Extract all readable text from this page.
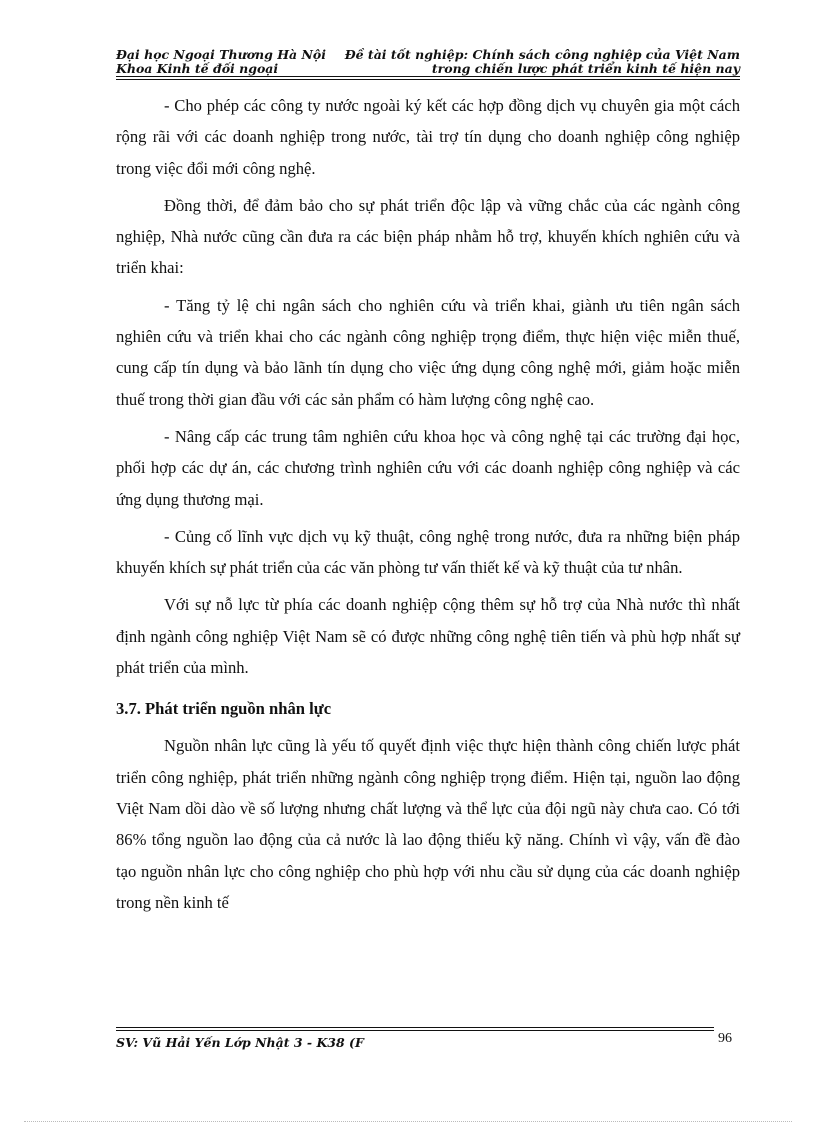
Đại học Ngoại Thương Hà Nội Đề tài tốt nghiệp: Chính sách công nghiệp của Việt Nam
Khoa Kinh tế đối ngoại	trong chiến lược phát triển kinh tế hiện nay

- Cho phép các công ty nước ngoài ký kết các hợp đồng dịch vụ chuyên gia một cách rộng rãi với các doanh nghiệp trong nước, tài trợ tín dụng cho doanh nghiệp công nghiệp trong việc đổi mới công nghệ.

Đồng thời, để đảm bảo cho sự phát triển độc lập và vững chắc của các ngành công nghiệp, Nhà nước cũng cần đưa ra các biện pháp nhằm hỗ trợ, khuyến khích nghiên cứu và triển khai:

- Tăng tỷ lệ chi ngân sách cho nghiên cứu và triển khai, giành ưu tiên ngân sách nghiên cứu và triển khai cho các ngành công nghiệp trọng điểm, thực hiện việc miễn thuế, cung cấp tín dụng và bảo lãnh tín dụng cho việc ứng dụng công nghệ mới, giảm hoặc miễn thuế trong thời gian đầu với các sản phẩm có hàm lượng công nghệ cao.

- Nâng cấp các trung tâm nghiên cứu khoa học và công nghệ tại các trường đại học, phối hợp các dự án, các chương trình nghiên cứu với các doanh nghiệp công nghiệp và các ứng dụng thương mại.

- Củng cố lĩnh vực dịch vụ kỹ thuật, công nghệ trong nước, đưa ra những biện pháp khuyến khích sự phát triển của các văn phòng tư vấn thiết kế và kỹ thuật của tư nhân.

Với sự nỗ lực từ phía các doanh nghiệp cộng thêm sự hỗ trợ của Nhà nước thì nhất định ngành công nghiệp Việt Nam sẽ có được những công nghệ tiên tiến và phù hợp nhất sự phát triển của mình.

3.7. Phát triển nguồn nhân lực

Nguồn nhân lực cũng là yếu tố quyết định việc thực hiện thành công chiến lược phát triển công nghiệp, phát triển những ngành công nghiệp trọng điểm. Hiện tại, nguồn lao động Việt Nam dồi dào về số lượng nhưng chất lượng và thể lực của đội ngũ này chưa cao. Có tới 86% tổng nguồn lao động của cả nước là lao động thiếu kỹ năng. Chính vì vậy, vấn đề đào tạo nguồn nhân lực cho công nghiệp cho phù hợp với nhu cầu sử dụng của các doanh nghiệp trong nền kinh tế

SV: Vũ Hải Yến Lớp Nhật 3 - K38 (F	96
